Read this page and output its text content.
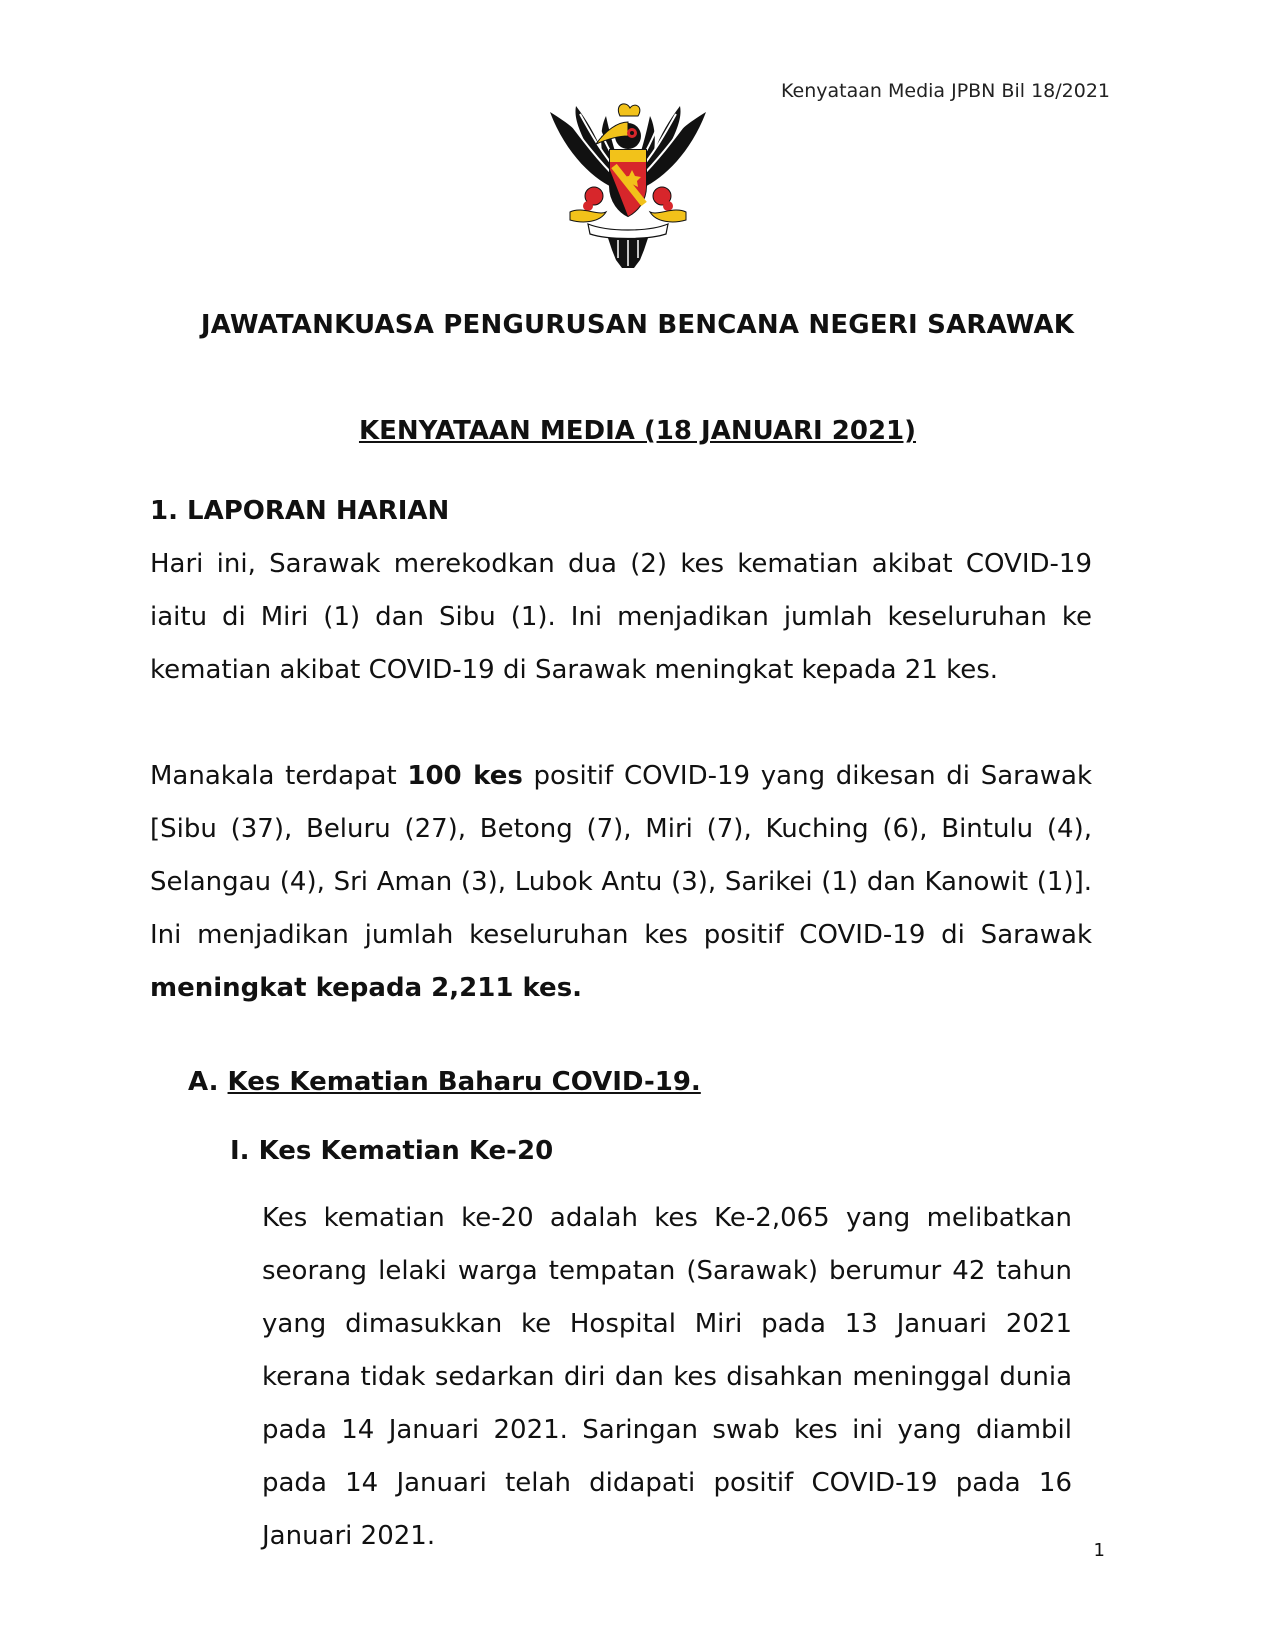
Kenyataan Media JPBN Bil 18/2021
JAWATANKUASA PENGURUSAN BENCANA NEGERI SARAWAK
KENYATAAN MEDIA (18 JANUARI 2021)
1. LAPORAN HARIAN
Hari ini, Sarawak merekodkan dua (2) kes kematian akibat COVID-19 iaitu di Miri (1) dan Sibu (1). Ini menjadikan jumlah keseluruhan ke kematian akibat COVID-19 di Sarawak meningkat kepada 21 kes.
Manakala terdapat 100 kes positif COVID-19 yang dikesan di Sarawak [Sibu (37), Beluru (27), Betong (7), Miri (7), Kuching (6), Bintulu (4), Selangau (4), Sri Aman (3), Lubok Antu (3), Sarikei (1) dan Kanowit (1)]. Ini menjadikan jumlah keseluruhan kes positif COVID-19 di Sarawak meningkat kepada 2,211 kes.
A. Kes Kematian Baharu COVID-19.
I. Kes Kematian Ke-20
Kes kematian ke-20 adalah kes Ke-2,065 yang melibatkan seorang lelaki warga tempatan (Sarawak) berumur 42 tahun yang dimasukkan ke Hospital Miri pada 13 Januari 2021 kerana tidak sedarkan diri dan kes disahkan meninggal dunia pada 14 Januari 2021. Saringan swab kes ini yang diambil pada 14 Januari telah didapati positif COVID-19 pada 16 Januari 2021.	1
